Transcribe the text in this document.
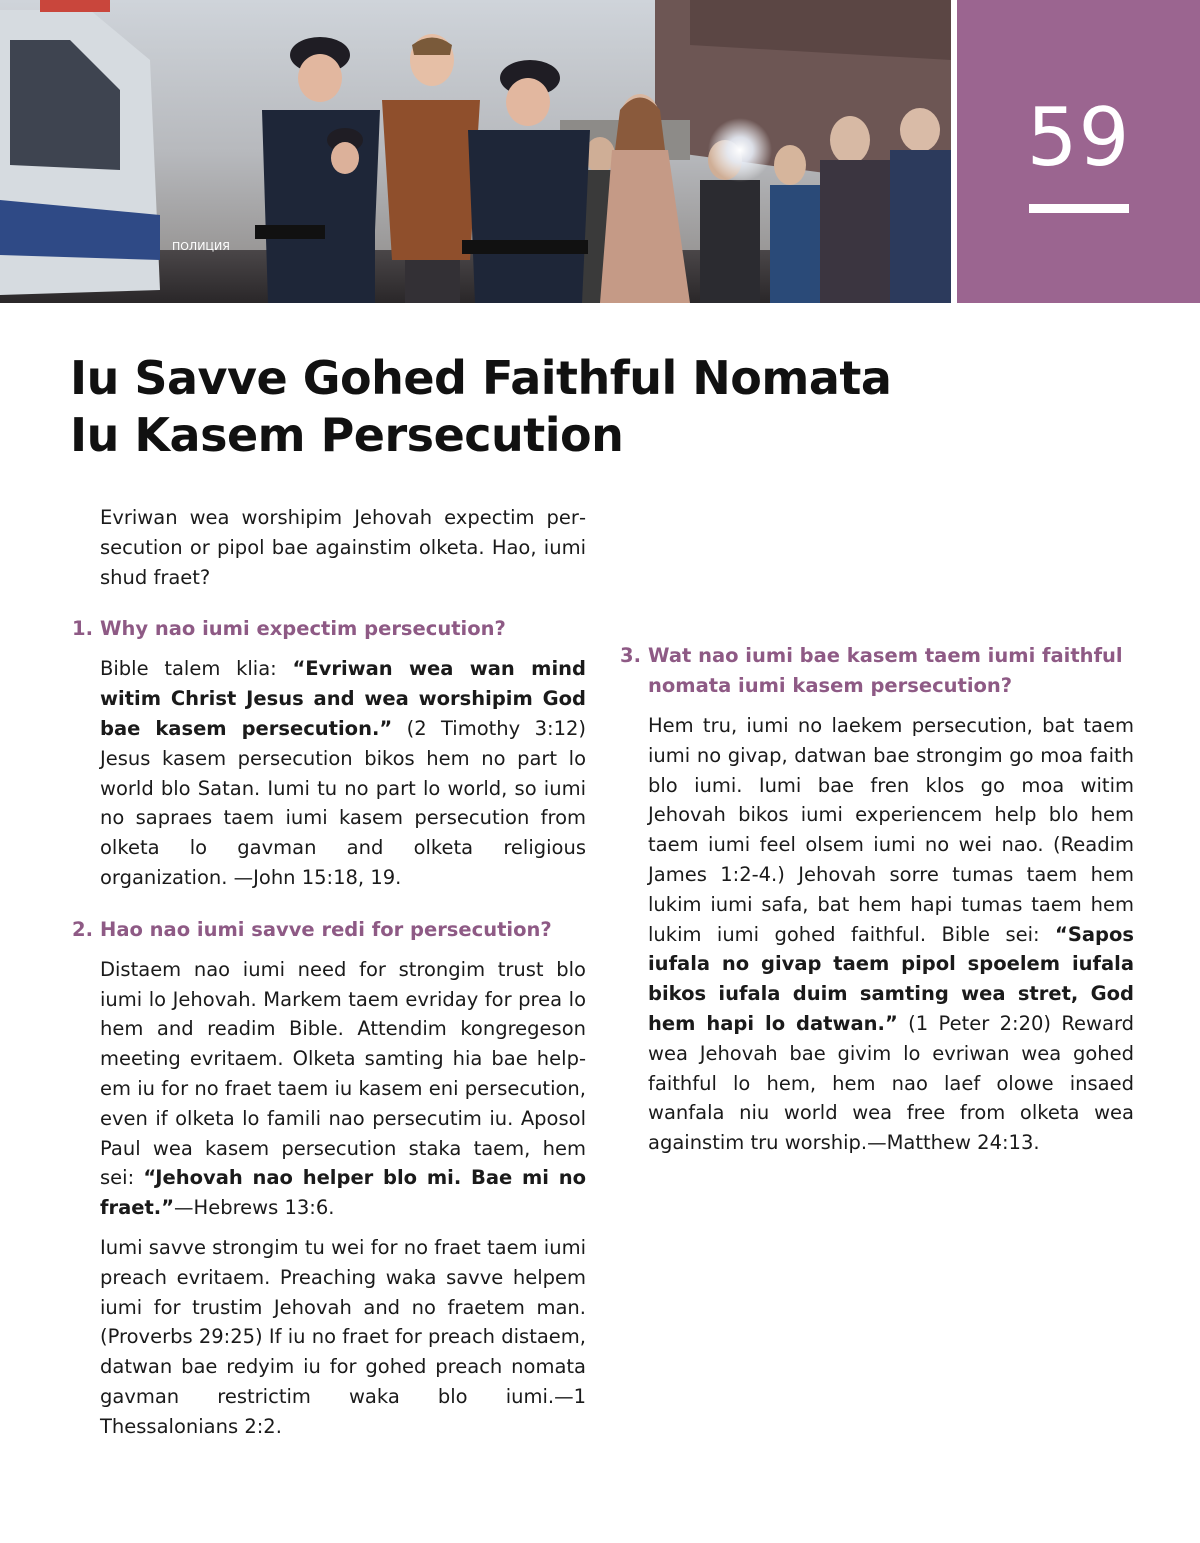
ПОЛИЦИЯ
59
Iu Savve Gohed Faithful Nomata
Iu Kasem Persecution

Evriwan wea worshipim Jehovah expectim persecution or pipol bae againstim olketa. Hao, iumi shud fraet?

1. Why nao iumi expectim persecution?

Bible talem klia: “Evriwan wea wan mind witim Christ Jesus and wea worshipim God bae kasem persecution.” (2 Timothy 3:12) Jesus kasem persecution bikos hem no part lo world blo Satan. Iumi tu no part lo world, so iumi no sapraes taem iumi kasem persecution from olketa lo gavman and olketa religious organization. —John 15:18, 19.

2. Hao nao iumi savve redi for persecution?

Distaem nao iumi need for strongim trust blo iumi lo Jehovah. Markem taem evriday for prea lo hem and readim Bible. Attendim kongregeson meeting evritaem. Olketa samting hia bae helpem iu for no fraet taem iu kasem eni persecution, even if olketa lo famili nao persecutim iu. Aposol Paul wea kasem persecution staka taem, hem sei: “Jehovah nao helper blo mi. Bae mi no fraet.”—Hebrews 13:6.

Iumi savve strongim tu wei for no fraet taem iumi preach evritaem. Preaching waka savve helpem iumi for trustim Jehovah and no fraetem man. (Proverbs 29:25) If iu no fraet for preach distaem, datwan bae redyim iu for gohed preach nomata gavman restrictim waka blo iumi.—1 Thessalonians 2:2.

3. Wat nao iumi bae kasem taem iumi faithful nomata iumi kasem persecution?

Hem tru, iumi no laekem persecution, bat taem iumi no givap, datwan bae strongim go moa faith blo iumi. Iumi bae fren klos go moa witim Jehovah bikos iumi experiencem help blo hem taem iumi feel olsem iumi no wei nao. (Readim James 1:2-4.) Jehovah sorre tumas taem hem lukim iumi safa, bat hem hapi tumas taem hem lukim iumi gohed faithful. Bible sei: “Sapos iufala no givap taem pipol spoelem iufala bikos iufala duim samting wea stret, God hem hapi lo datwan.” (1 Peter 2:20) Reward wea Jehovah bae givim lo evriwan wea gohed faithful lo hem, hem nao laef olowe insaed wanfala niu world wea free from olketa wea againstim tru worship.—Matthew 24:13.
